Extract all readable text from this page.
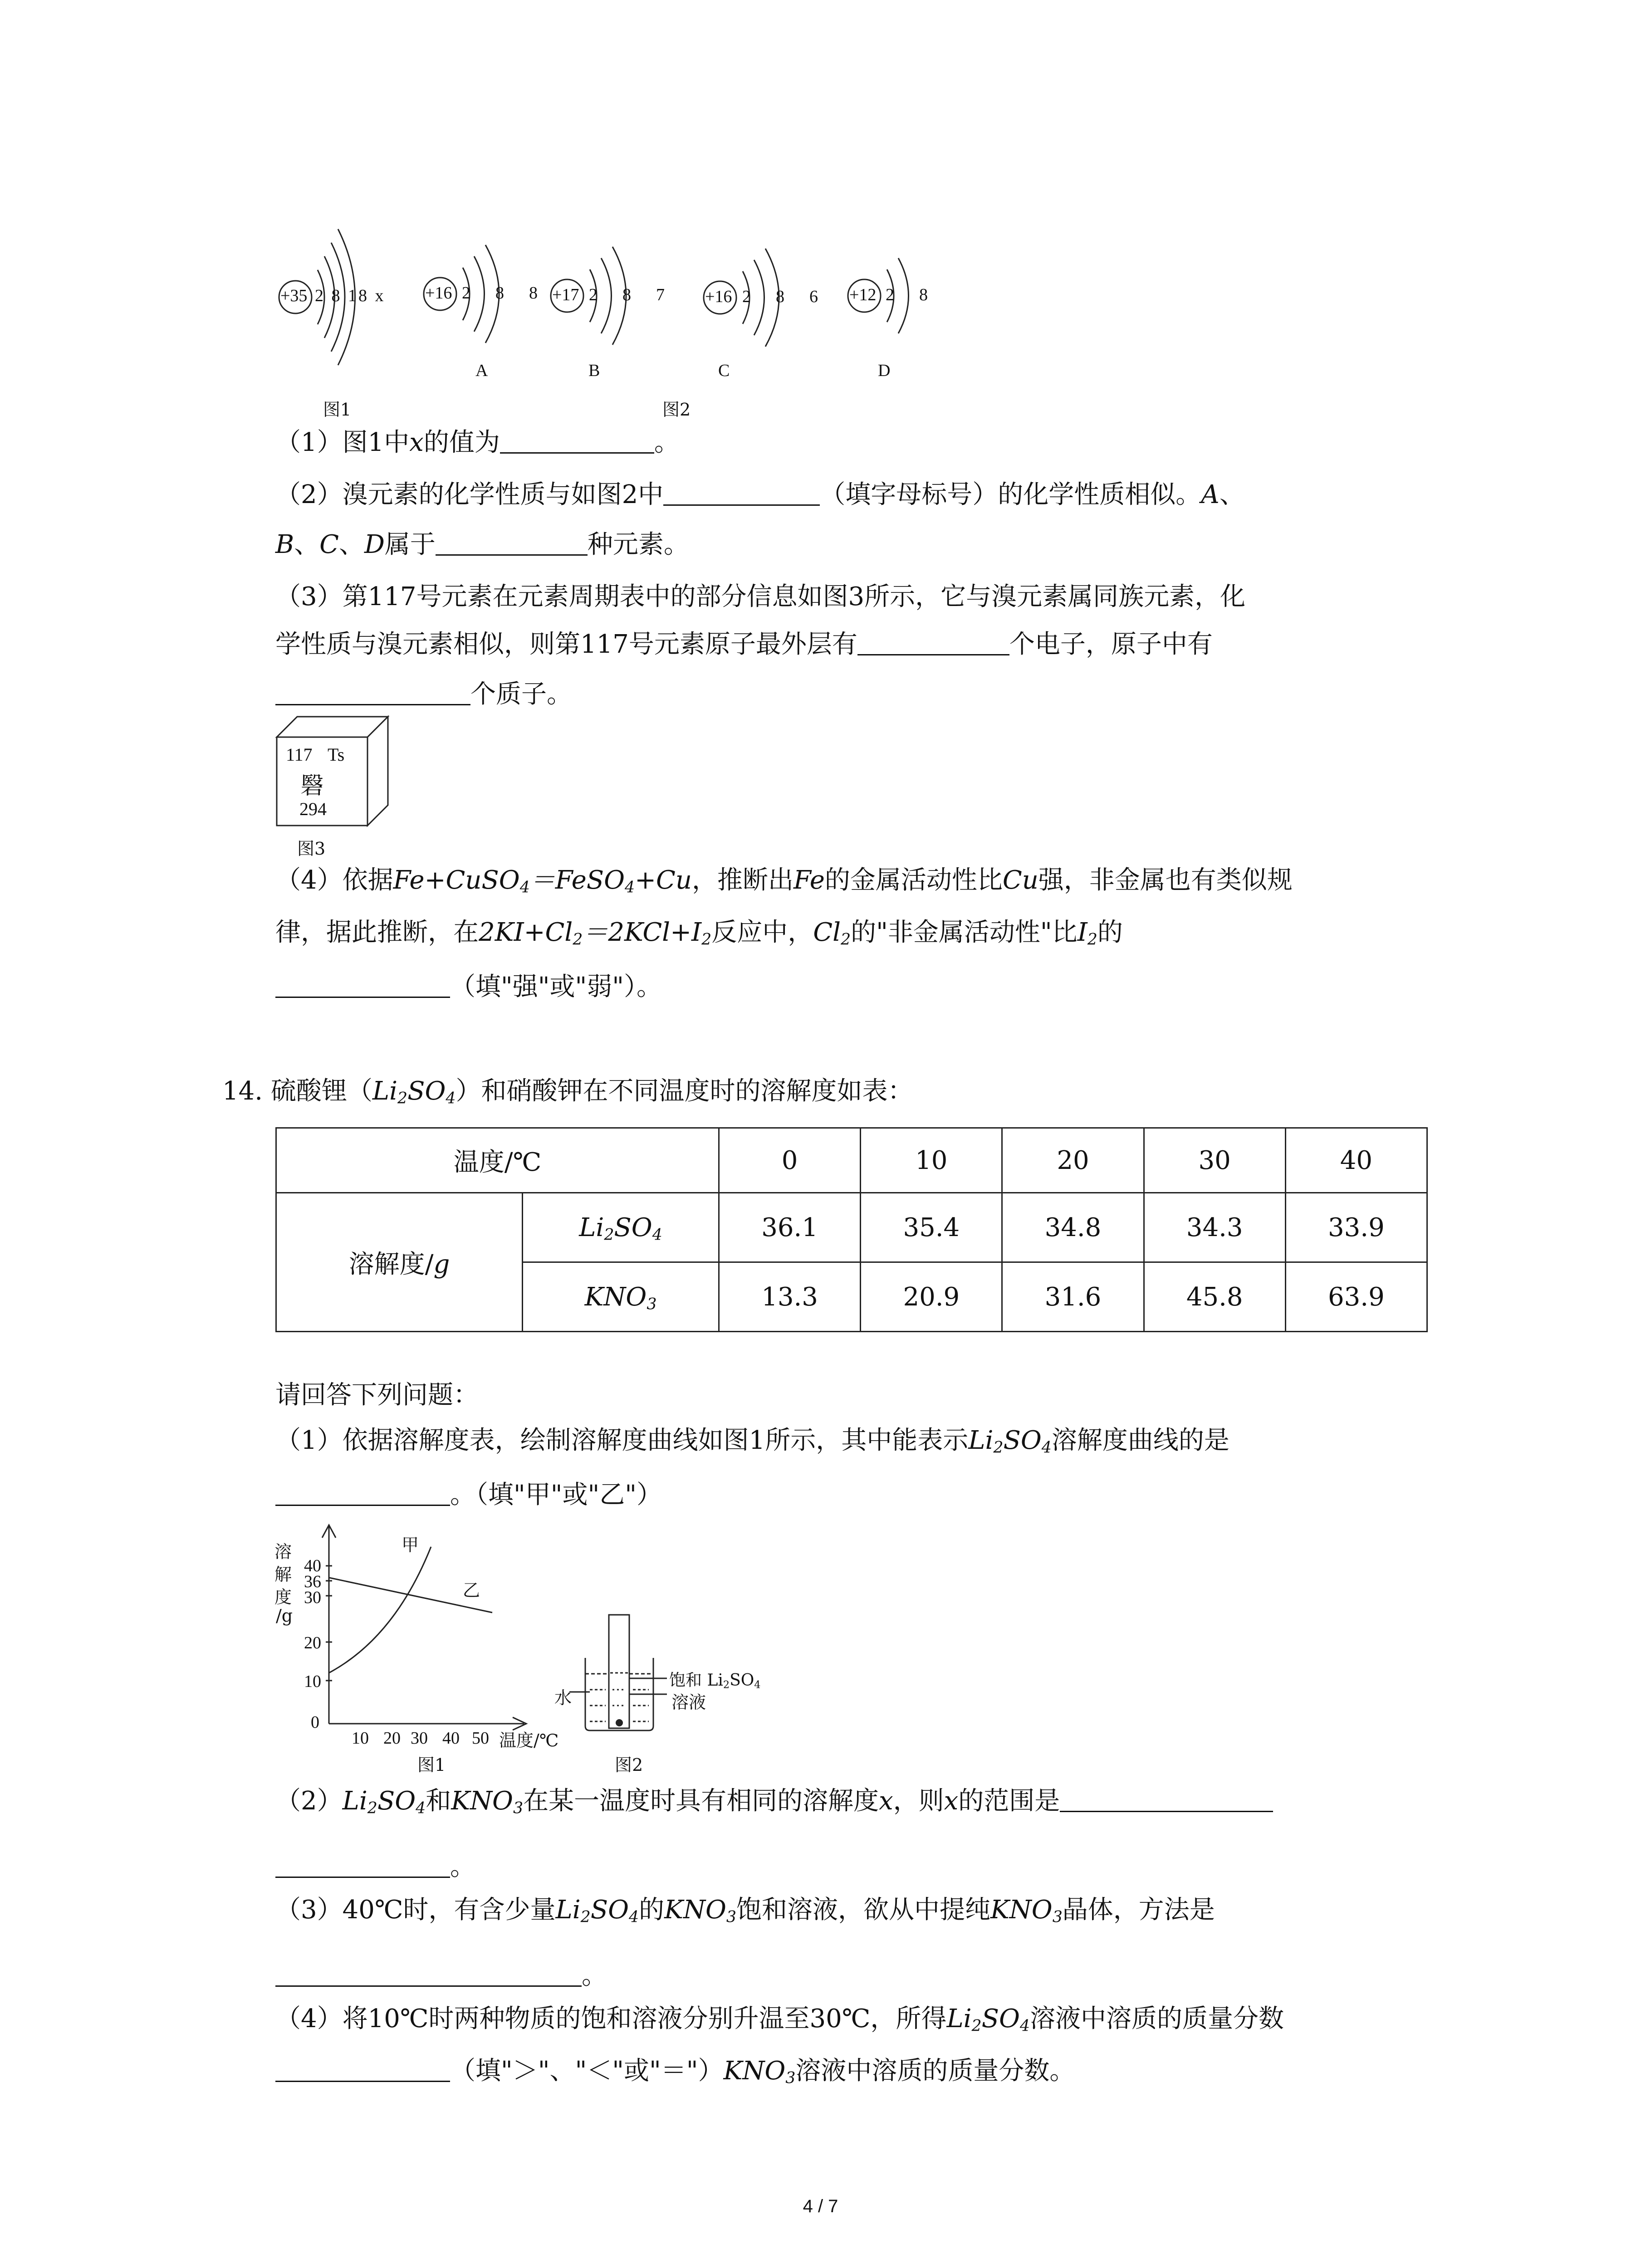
+35 2 8 18 x +16 2  8  8
A
+17 2  8  7
B
+16 2  8  6
C
+12 2  8
D
图1	图2
（1）图1中x的值为	。
（2）溴元素的化学性质与如图2中	（填字母标号）的化学性质相似。A、
B、C、D属于	种元素。
（3）第117号元素在元素周期表中的部分信息如图3所示，它与溴元素属同族元素，化
学性质与溴元素相似，则第117号元素原子最外层有	个电子，原子中有
个质子。
117 Ts
䃜
294
图3
（4）依据Fe+CuSO$_4$＝FeSO$_4$+Cu，推断出Fe的金属活动性比Cu强，非金属也有类似规
律，据此推断，在$2KI+Cl_2=2KCl+I_2$反应中，$Cl_2$的"非金属活动性"比$I_2$的
（填"强"或"弱"）。
14. 硫酸锂$(Li_2SO_4)$和硝酸钾在不同温度时的溶解度如表：
温度/℃		0	10	20	30	40
溶解度/g	$Li_2SO_4$	36.1	35.4	34.8	34.3	33.9
	$KNO_3$	13.3	20.9	31.6	45.8	63.9
请回答下列问题：
（1）依据溶解度表，绘制溶解度曲线如图1所示，其中能表示$Li_2SO_4$溶解度曲线的是
。（填"甲"或"乙"）
溶
解
度
/g
40
36
30
20
10
0
10 20 30 40 50 温度/℃
甲
乙
图1
水
饱和 $Li_2SO_4$
溶液
图2
$(2)Li_2SO_4$和$KNO_3$在某一温度时具有相同的溶解度x，则x的范围是
。
（3）40℃时，有含少量$Li_2SO_4$的$KNO_3$饱和溶液，欲从中提纯$KNO_3$晶体，方法是
。
（4）将10℃时两种物质的饱和溶液分别升温至30℃，所得$Li_2SO_4$溶液中溶质的质量分数
（填"＞"、"＜"或"$=")KNO_3$溶液中溶质的质量分数。
4 / 7
